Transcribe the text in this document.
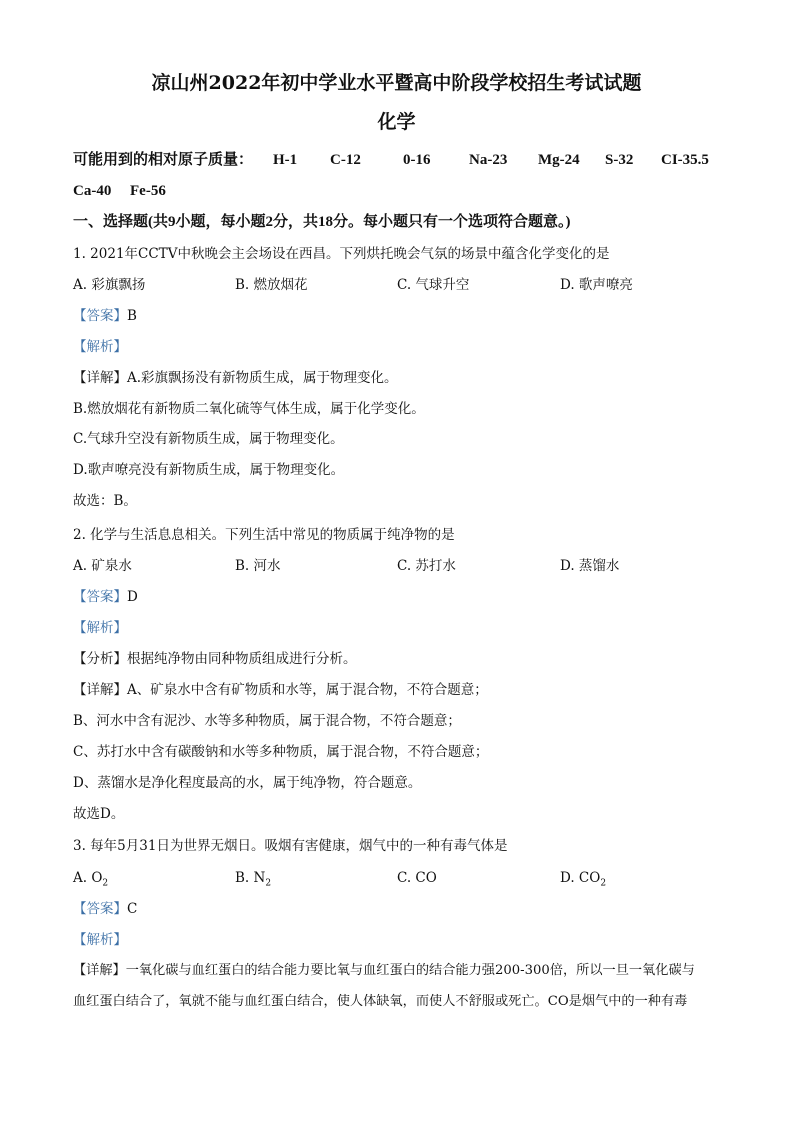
凉山州2022年初中学业水平暨高中阶段学校招生考试试题
化学
可能用到的相对原子质量： H-1 C-12	0-16	Na-23 Mg-24 S-32 CI-35.5
Ca-40 Fe-56
一、选择题(共9小题，每小题2分，共18分。每小题只有一个选项符合题意。)
1. 2021年CCTV中秋晚会主会场设在西昌。下列烘托晚会气氛的场景中蕴含化学变化的是
A. 彩旗飘扬	B. 燃放烟花	C. 气球升空	D. 歌声嘹亮
【答案】B
【解析】
【详解】A.彩旗飘扬没有新物质生成，属于物理变化。
B.燃放烟花有新物质二氧化硫等气体生成，属于化学变化。
C.气球升空没有新物质生成，属于物理变化。
D.歌声嘹亮没有新物质生成，属于物理变化。
故选：B。
2. 化学与生活息息相关。下列生活中常见的物质属于纯净物的是
A. 矿泉水	B. 河水	C. 苏打水	D. 蒸馏水
【答案】D
【解析】
【分析】根据纯净物由同种物质组成进行分析。
【详解】A、矿泉水中含有矿物质和水等，属于混合物，不符合题意；
B、河水中含有泥沙、水等多种物质，属于混合物，不符合题意；
C、苏打水中含有碳酸钠和水等多种物质，属于混合物，不符合题意；
D、蒸馏水是净化程度最高的水，属于纯净物，符合题意。
故选D。
3. 每年5月31日为世界无烟日。吸烟有害健康，烟气中的一种有毒气体是
A. $O_2$	B. $N_2$	C. CO	D. $CO_2$
【答案】C
【解析】
【详解】一氧化碳与血红蛋白的结合能力要比氧与血红蛋白的结合能力强200-300倍，所以一旦一氧化碳与
血红蛋白结合了，氧就不能与血红蛋白结合，使人体缺氧，而使人不舒服或死亡。CO是烟气中的一种有毒
